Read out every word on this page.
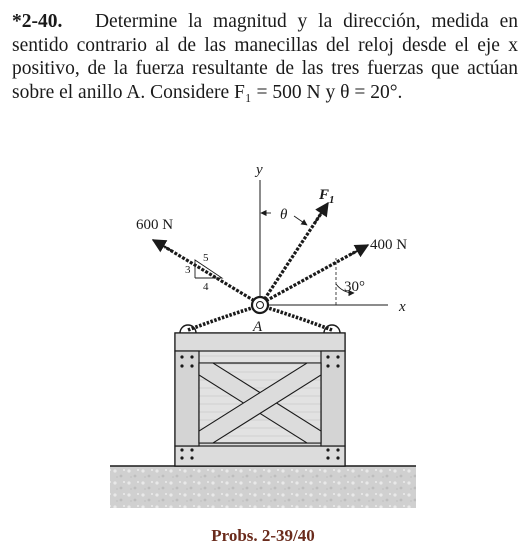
*2-40. Determine la magnitud y la dirección, medida en
sentido contrario al de las manecillas del reloj desde el eje x
positivo, de la fuerza resultante de las tres fuerzas que actúan
sobre el anillo A. Considere F₁ = 500 N y θ = 20°.
y
x
$F_1$
θ
600 N
400 N
30°
A
3
4
5
Probs. 2-39/40
